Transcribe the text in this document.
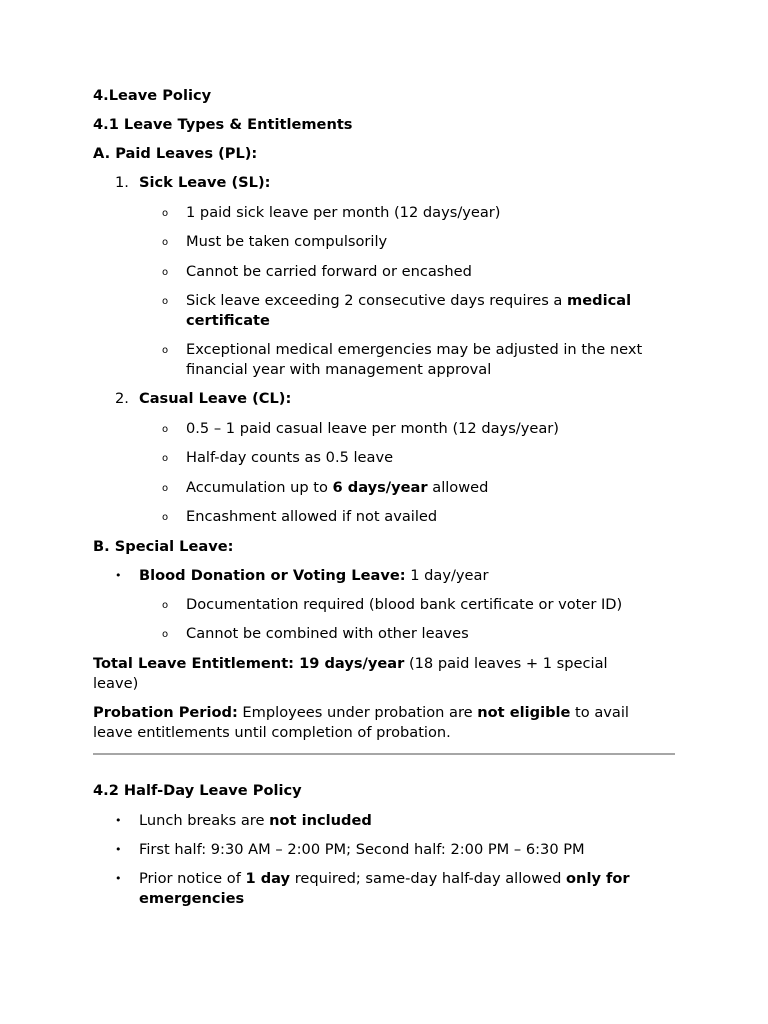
4.Leave Policy
4.1 Leave Types & Entitlements
A. Paid Leaves (PL):
1. Sick Leave (SL):
o 1 paid sick leave per month (12 days/year)
o Must be taken compulsorily
o Cannot be carried forward or encashed
o Sick leave exceeding 2 consecutive days requires a medical certificate
o Exceptional medical emergencies may be adjusted in the next financial year with management approval
2. Casual Leave (CL):
o 0.5 – 1 paid casual leave per month (12 days/year)
o Half-day counts as 0.5 leave
o Accumulation up to 6 days/year allowed
o Encashment allowed if not availed
B. Special Leave:
• Blood Donation or Voting Leave: 1 day/year
o Documentation required (blood bank certificate or voter ID)
o Cannot be combined with other leaves
Total Leave Entitlement: 19 days/year (18 paid leaves + 1 special leave)
Probation Period: Employees under probation are not eligible to avail leave entitlements until completion of probation.
4.2 Half-Day Leave Policy
• Lunch breaks are not included
• First half: 9:30 AM – 2:00 PM; Second half: 2:00 PM – 6:30 PM
• Prior notice of 1 day required; same-day half-day allowed only for emergencies
